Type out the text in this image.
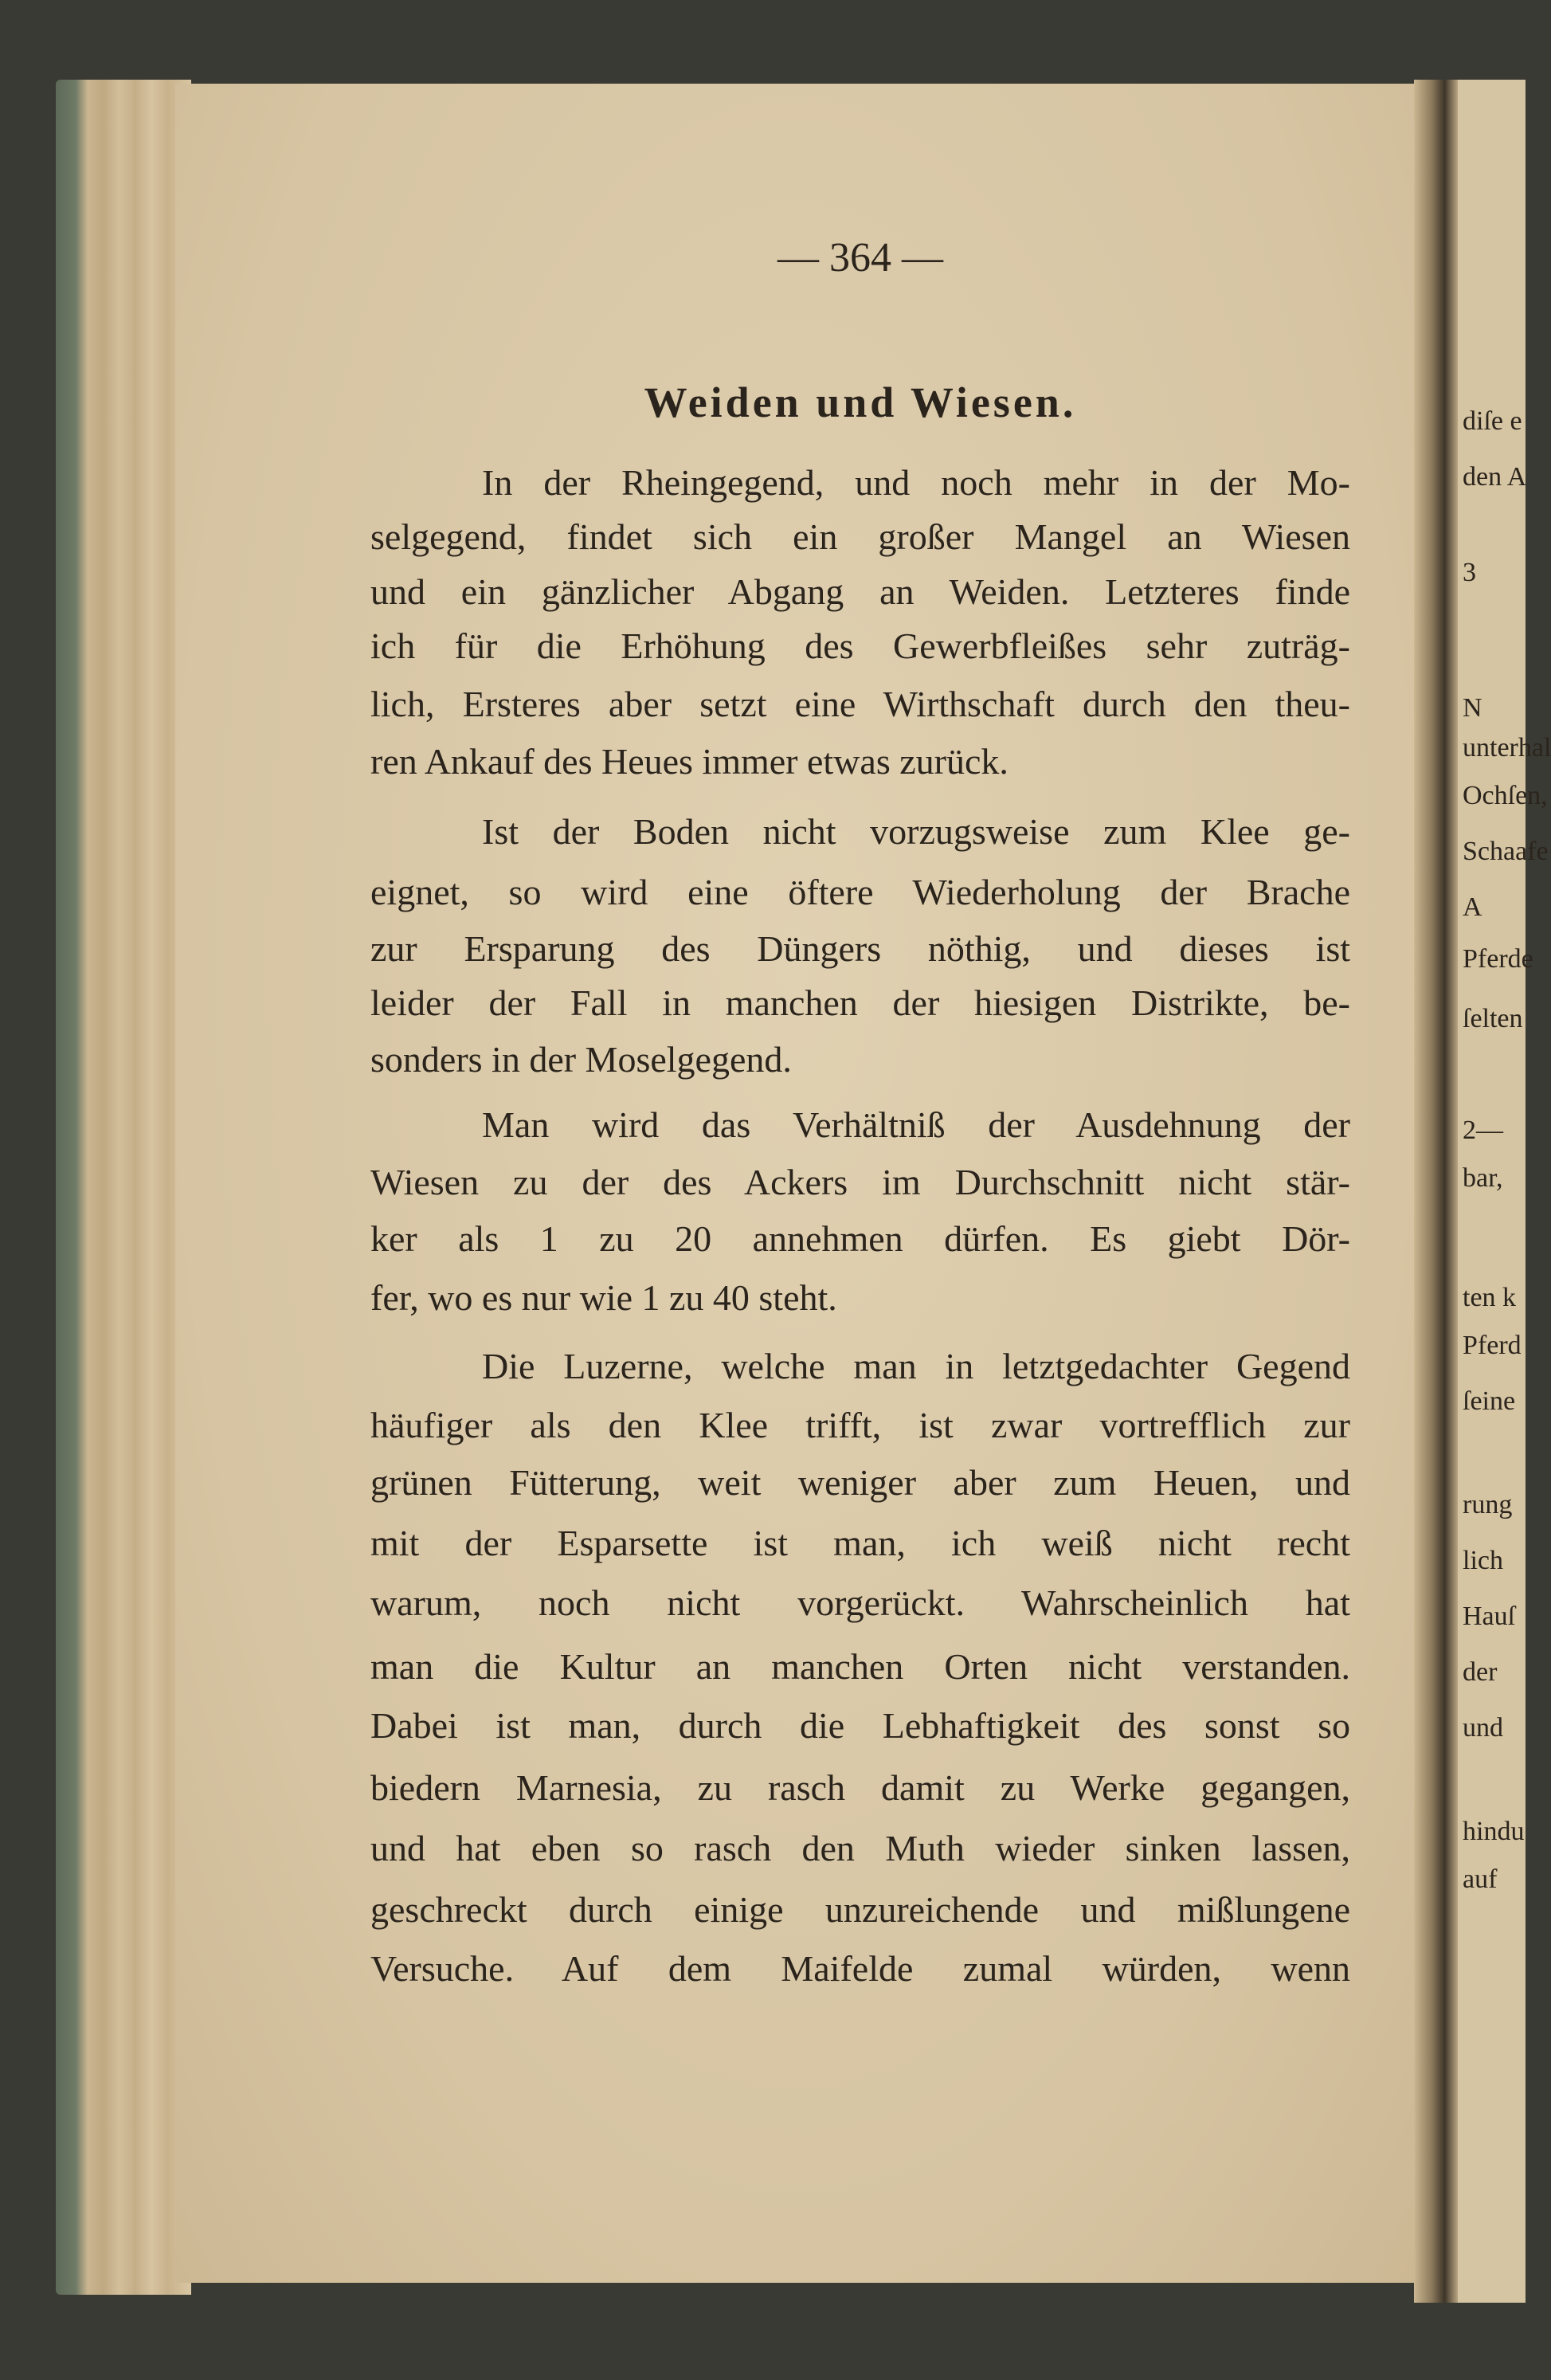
— 364 —
Weiden und Wiesen.
In der Rheingegend, und noch mehr in der Mo-
selgegend, findet sich ein großer Mangel an Wiesen
und ein gänzlicher Abgang an Weiden. Letzteres finde
ich für die Erhöhung des Gewerbfleißes sehr zuträg-
lich, Ersteres aber setzt eine Wirthschaft durch den theu-
ren Ankauf des Heues immer etwas zurück.
Ist der Boden nicht vorzugsweise zum Klee ge-
eignet, so wird eine öftere Wiederholung der Brache
zur Ersparung des Düngers nöthig, und dieses ist
leider der Fall in manchen der hiesigen Distrikte, be-
sonders in der Moselgegend.
Man wird das Verhältniß der Ausdehnung der
Wiesen zu der des Ackers im Durchschnitt nicht stär-
ker als 1 zu 20 annehmen dürfen. Es giebt Dör-
fer, wo es nur wie 1 zu 40 steht.
Die Luzerne, welche man in letztgedachter Gegend
häufiger als den Klee trifft, ist zwar vortrefflich zur
grünen Fütterung, weit weniger aber zum Heuen, und
mit der Esparsette ist man, ich weiß nicht recht
warum, noch nicht vorgerückt. Wahrscheinlich hat
man die Kultur an manchen Orten nicht verstanden.
Dabei ist man, durch die Lebhaftigkeit des sonst so
biedern Marnesia, zu rasch damit zu Werke gegangen,
und hat eben so rasch den Muth wieder sinken lassen,
geschreckt durch einige unzureichende und mißlungene
Versuche. Auf dem Maifelde zumal würden, wenn
diſe e
den A
3
N
unterhal
Ochſen,
Schaafe
A
Pferde
ſelten
2—
bar,
ten k
Pferd
ſeine
rung
lich
Hauſ
der
und
hindu
auf
